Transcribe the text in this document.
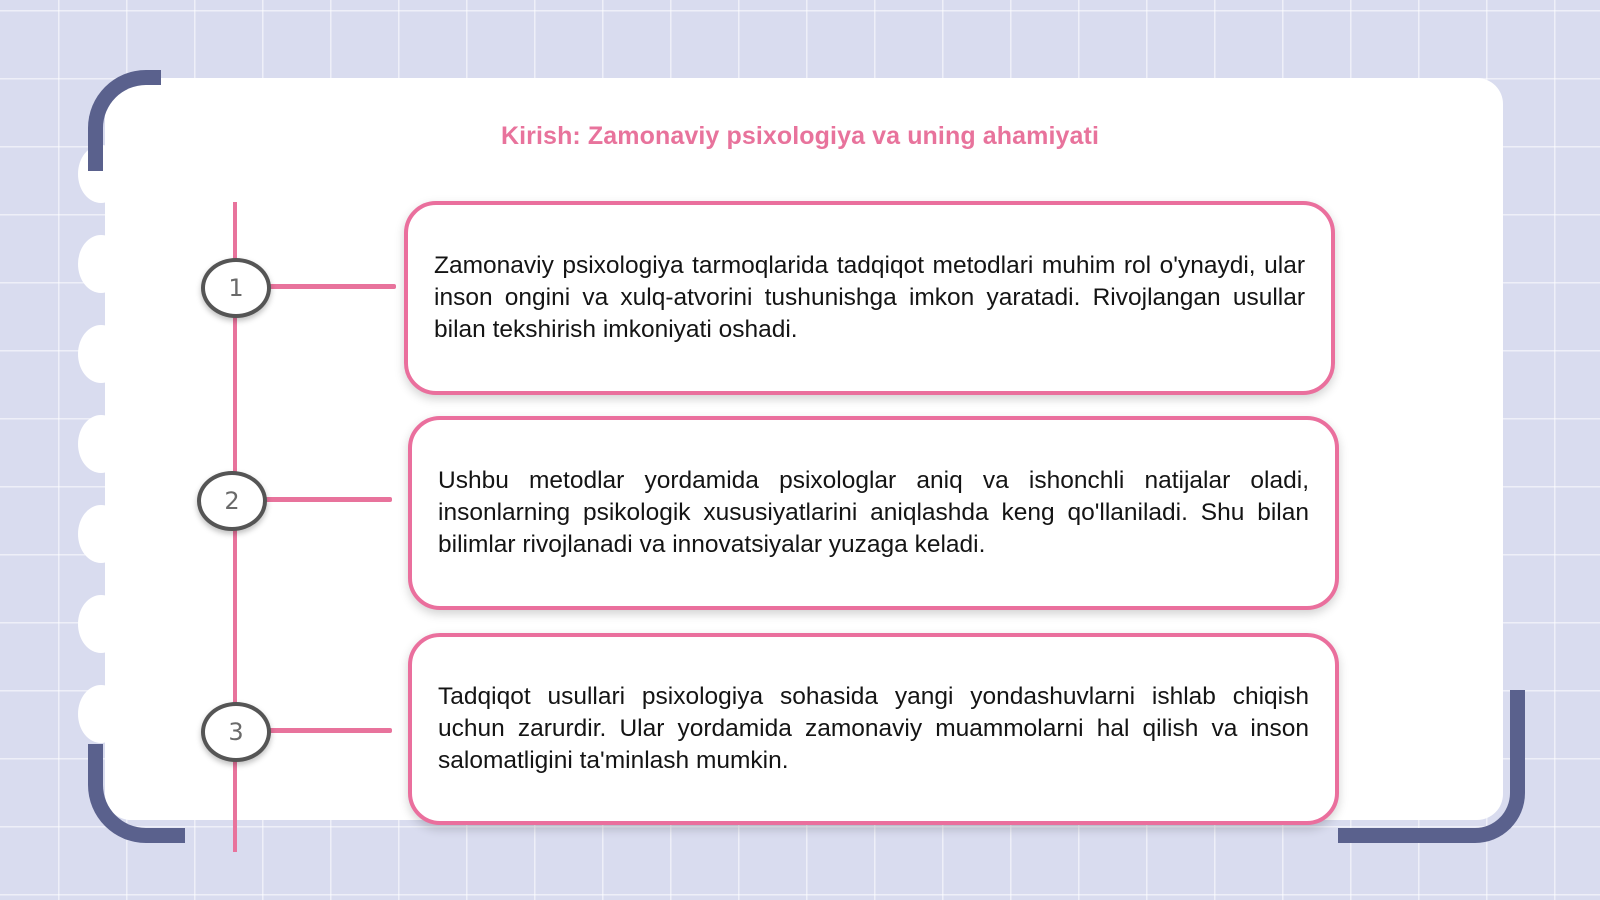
Kirish: Zamonaviy psixologiya va uning ahamiyati
1

Zamonaviy psixologiya tarmoqlarida tadqiqot metodlari muhim rol o'ynaydi, ular inson ongini va xulq-atvorini tushunishga imkon yaratadi. Rivojlangan usullar bilan tekshirish imkoniyati oshadi.

2

Ushbu metodlar yordamida psixologlar aniq va ishonchli natijalar oladi, insonlarning psikologik xususiyatlarini aniqlashda keng qo'llaniladi. Shu bilan bilimlar rivojlanadi va innovatsiyalar yuzaga keladi.

3

Tadqiqot usullari psixologiya sohasida yangi yondashuvlarni ishlab chiqish uchun zarurdir. Ular yordamida zamonaviy muammolarni hal qilish va inson salomatligini ta'minlash mumkin.
